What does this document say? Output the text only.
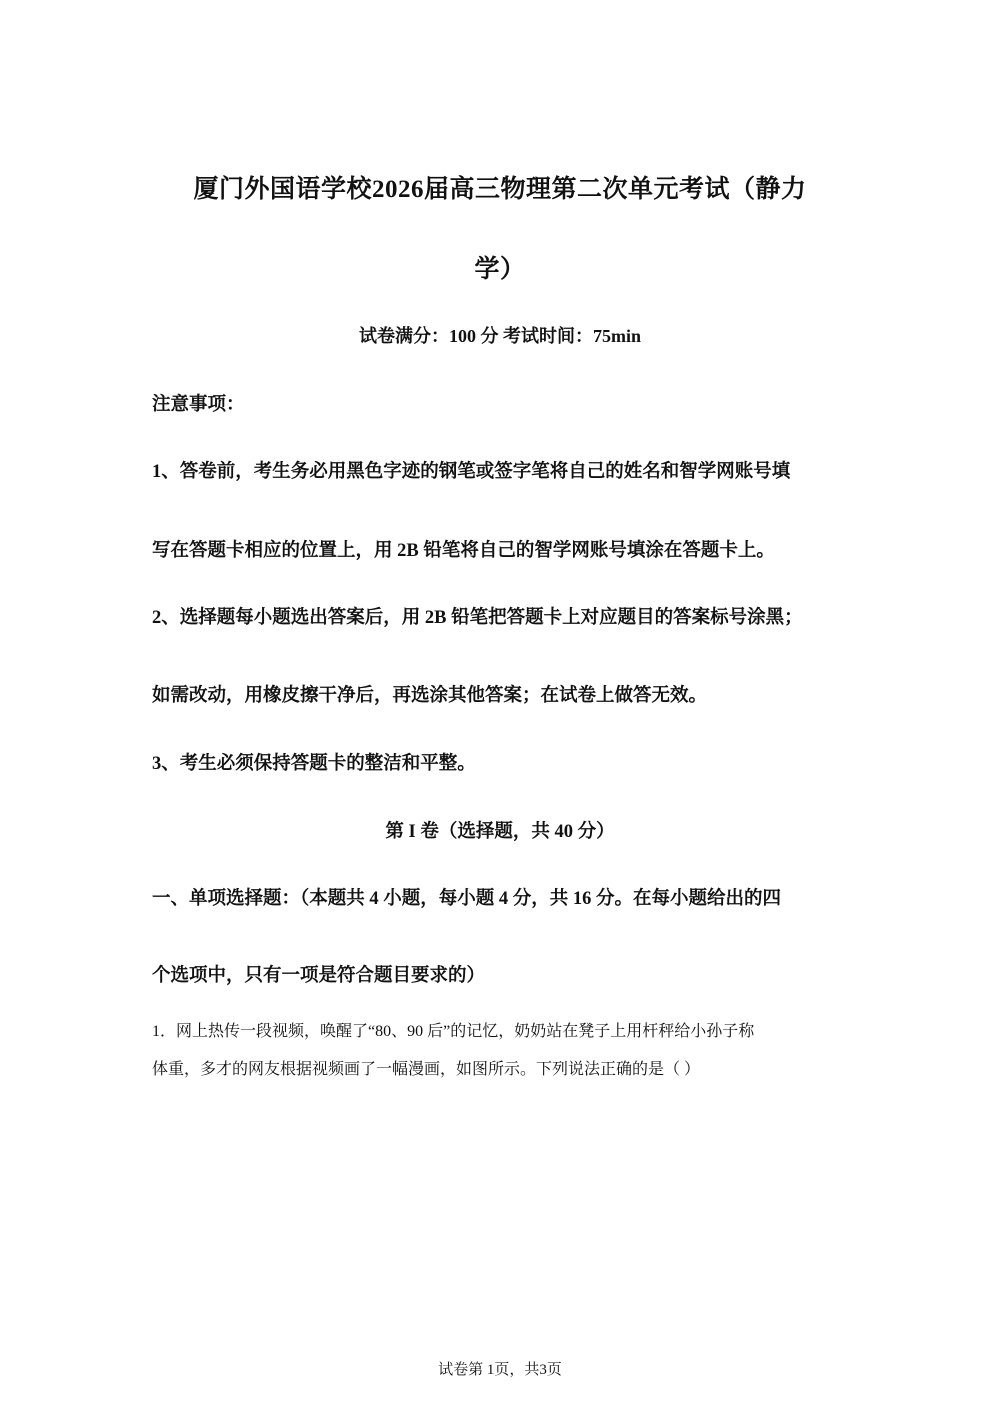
厦门外国语学校2026届高三物理第二次单元考试（静力
学）

试卷满分：100 分 考试时间：75min

注意事项：

1、答卷前，考生务必用黑色字迹的钢笔或签字笔将自己的姓名和智学网账号填

写在答题卡相应的位置上，用 2B 铅笔将自己的智学网账号填涂在答题卡上。

2、选择题每小题选出答案后，用 2B 铅笔把答题卡上对应题目的答案标号涂黑；

如需改动，用橡皮擦干净后，再选涂其他答案；在试卷上做答无效。

3、考生必须保持答题卡的整洁和平整。

第 I 卷（选择题，共 40 分）

一、单项选择题：（本题共 4 小题，每小题 4 分，共 16 分。在每小题给出的四

个选项中，只有一项是符合题目要求的）

1．网上热传一段视频，唤醒了“80、90 后”的记忆，奶奶站在凳子上用杆秤给小孙子称

体重，多才的网友根据视频画了一幅漫画，如图所示。下列说法正确的是（ ）

试卷第 1页，共3页
